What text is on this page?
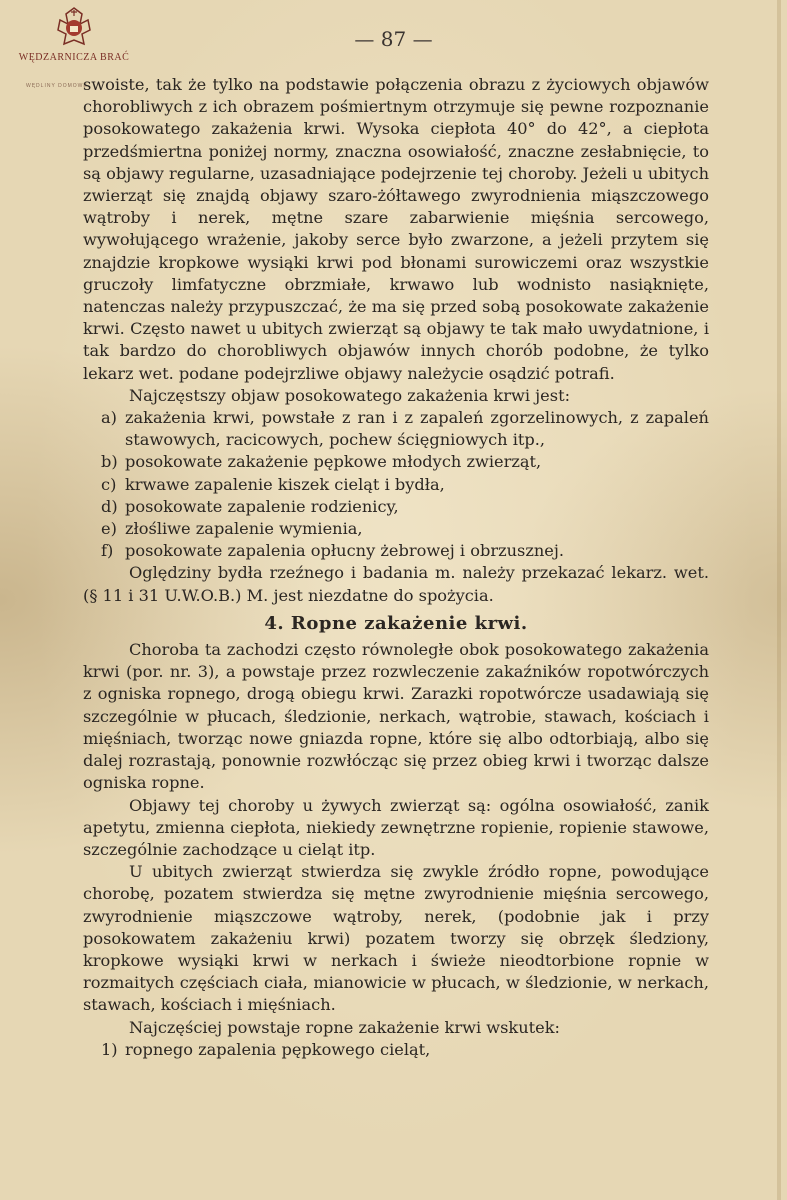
WĘDZARNICZA BRAĆ
WĘDLINY DOMOWE
— 87 —

swoiste, tak że tylko na podstawie połączenia obrazu z życiowych objawów chorobliwych z ich obrazem pośmiertnym otrzymuje się pewne rozpoznanie posokowatego zakażenia krwi. Wysoka ciepłota 40° do 42°, a ciepłota przedśmiertna poniżej normy, znaczna osowiałość, znaczne zesłabnięcie, to są objawy regularne, uzasadniające podejrzenie tej choroby. Jeżeli u ubitych zwierząt się znajdą objawy szaro-żółtawego zwyrodnienia miąszczowego wątroby i nerek, mętne szare zabarwienie mięśnia sercowego, wywołującego wrażenie, jakoby serce było zwarzone, a jeżeli przytem się znajdzie kropkowe wysiąki krwi pod błonami surowiczemi oraz wszystkie gruczoły limfatyczne obrzmiałe, krwawo lub wodnisto nasiąknięte, natenczas należy przypuszczać, że ma się przed sobą posokowate zakażenie krwi. Często nawet u ubitych zwierząt są objawy te tak mało uwydatnione, i tak bardzo do chorobliwych objawów innych chorób podobne, że tylko lekarz wet. podane podejrzliwe objawy należycie osądzić potrafi.

Najczęstszy objaw posokowatego zakażenia krwi jest:

a) zakażenia krwi, powstałe z ran i z zapaleń zgorzelinowych, z zapaleń stawowych, racicowych, pochew ścięgniowych itp.,
b) posokowate zakażenie pępkowe młodych zwierząt,
c) krwawe zapalenie kiszek cieląt i bydła,
d) posokowate zapalenie rodzienicy,
e) złośliwe zapalenie wymienia,
f) posokowate zapalenia opłucny żebrowej i obrzusznej.

Oględziny bydła rzeźnego i badania m. należy przekazać lekarz. wet. (§ 11 i 31 U.W.O.B.) M. jest niezdatne do spożycia.

4. Ropne zakażenie krwi.

Choroba ta zachodzi często równoległe obok posokowatego zakażenia krwi (por. nr. 3), a powstaje przez rozwleczenie zakaźników ropotwórczych z ogniska ropnego, drogą obiegu krwi. Zarazki ropotwórcze usadawiają się szczególnie w płucach, śledzionie, nerkach, wątrobie, stawach, kościach i mięśniach, tworząc nowe gniazda ropne, które się albo odtorbiają, albo się dalej rozrastają, ponownie rozwłócząc się przez obieg krwi i tworząc dalsze ogniska ropne.

Objawy tej choroby u żywych zwierząt są: ogólna osowiałość, zanik apetytu, zmienna ciepłota, niekiedy zewnętrzne ropienie, ropienie stawowe, szczególnie zachodzące u cieląt itp.

U ubitych zwierząt stwierdza się zwykle źródło ropne, powodujące chorobę, pozatem stwierdza się mętne zwyrodnienie mięśnia sercowego, zwyrodnienie miąszczowe wątroby, nerek, (podobnie jak i przy posokowatem zakażeniu krwi) pozatem tworzy się obrzęk śledziony, kropkowe wysiąki krwi w nerkach i świeże nieodtorbione ropnie w rozmaitych częściach ciała, mianowicie w płucach, w śledzionie, w nerkach, stawach, kościach i mięśniach.

Najczęściej powstaje ropne zakażenie krwi wskutek:

1) ropnego zapalenia pępkowego cieląt,
